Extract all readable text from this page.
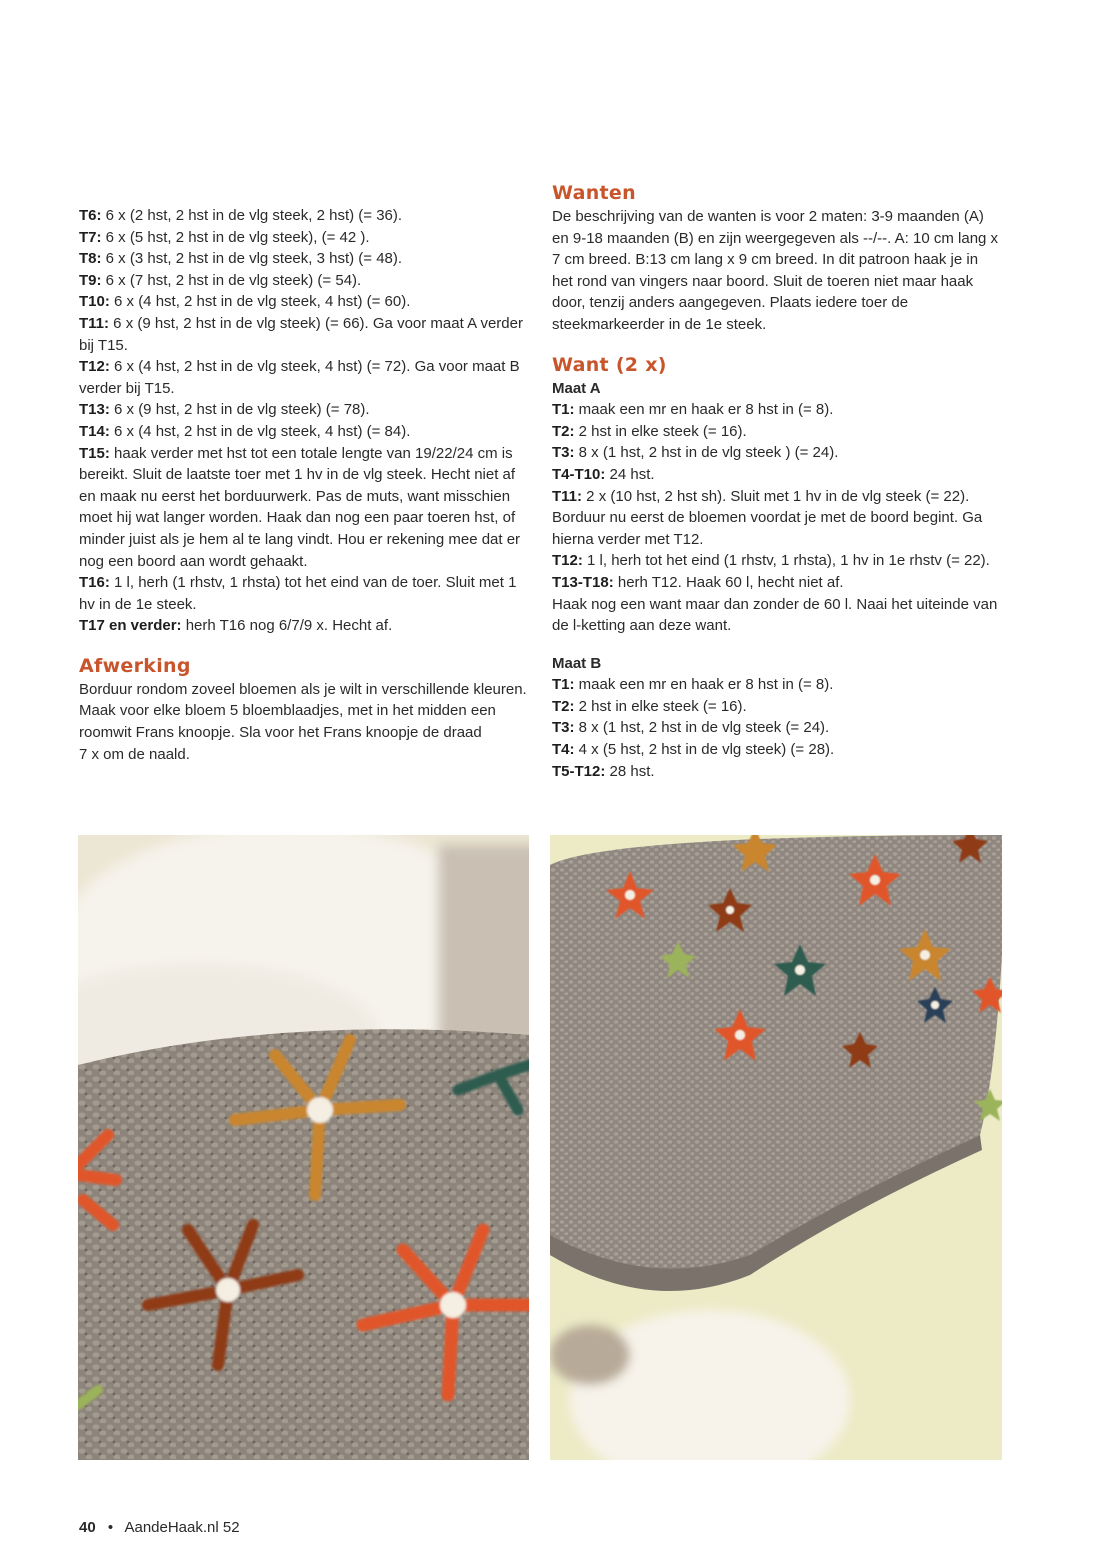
T6: 6 x (2 hst, 2 hst in de vlg steek, 2 hst) (= 36).

T7: 6 x (5 hst, 2 hst in de vlg steek), (= 42 ).

T8: 6 x (3 hst, 2 hst in de vlg steek, 3 hst) (= 48).

T9: 6 x (7 hst, 2 hst in de vlg steek) (= 54).

T10: 6 x (4 hst, 2 hst in de vlg steek, 4 hst) (= 60).

T11: 6 x (9 hst, 2 hst in de vlg steek) (= 66). Ga voor maat A verder bij T15.

T12: 6 x (4 hst, 2 hst in de vlg steek, 4 hst) (= 72). Ga voor maat B verder bij T15.

T13: 6 x (9 hst, 2 hst in de vlg steek) (= 78).

T14: 6 x (4 hst, 2 hst in de vlg steek, 4 hst) (= 84).

T15: haak verder met hst tot een totale lengte van 19/22/24 cm is bereikt. Sluit de laatste toer met 1 hv in de vlg steek. Hecht niet af en maak nu eerst het borduurwerk. Pas de muts, want misschien moet hij wat langer worden. Haak dan nog een paar toeren hst, of minder juist als je hem al te lang vindt. Hou er rekening mee dat er nog een boord aan wordt gehaakt.

T16: 1 l, herh (1 rhstv, 1 rhsta) tot het eind van de toer. Sluit met 1 hv in de 1e steek.

T17 en verder: herh T16 nog 6/7/9 x. Hecht af.

Afwerking

Borduur rondom zoveel bloemen als je wilt in verschillende kleuren. Maak voor elke bloem 5 bloemblaadjes, met in het midden een roomwit Frans knoopje. Sla voor het Frans knoopje de draad

7 x om de naald.

Wanten

De beschrijving van de wanten is voor 2 maten: 3-9 maanden (A) en 9-18 maanden (B) en zijn weergegeven als --/--. A: 10 cm lang x 7 cm breed. B:13 cm lang x 9 cm breed. In dit patroon haak je in het rond van vingers naar boord. Sluit de toeren niet maar haak door, tenzij anders aangegeven. Plaats iedere toer de steekmarkeerder in de 1e steek.

Want (2 x)

Maat A

T1: maak een mr en haak er 8 hst in (= 8).

T2: 2 hst in elke steek (= 16).

T3: 8 x (1 hst, 2 hst in de vlg steek ) (= 24).

T4-T10: 24 hst.

T11: 2 x (10 hst, 2 hst sh). Sluit met 1 hv in de vlg steek (= 22).

Borduur nu eerst de bloemen voordat je met de boord begint. Ga hierna verder met T12.

T12: 1 l, herh tot het eind (1 rhstv, 1 rhsta), 1 hv in 1e rhstv (= 22).

T13-T18: herh T12. Haak 60 l, hecht niet af.

Haak nog een want maar dan zonder de 60 l. Naai het uiteinde van de l-ketting aan deze want.

Maat B

T1: maak een mr en haak er 8 hst in (= 8).

T2: 2 hst in elke steek (= 16).

T3: 8 x (1 hst, 2 hst in de vlg steek (= 24).

T4: 4 x (5 hst, 2 hst in de vlg steek) (= 28).

T5-T12: 28 hst.

40 • AandeHaak.nl 52
